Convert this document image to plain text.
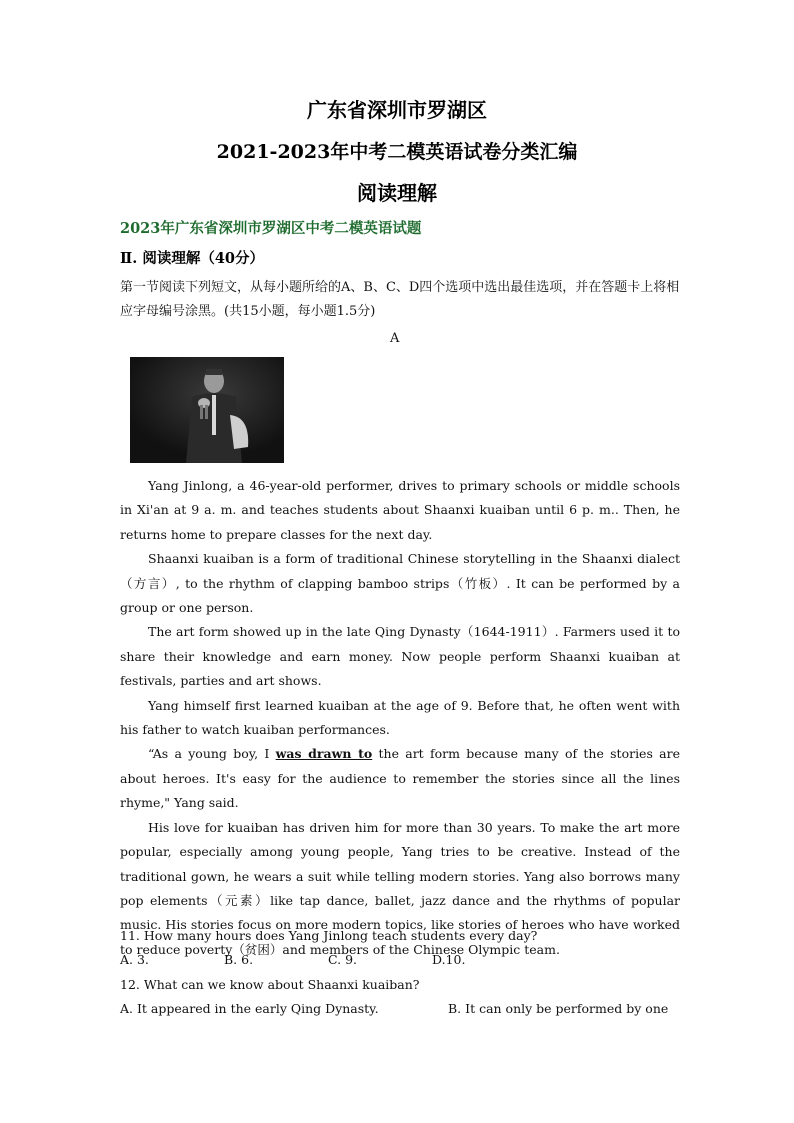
广东省深圳市罗湖区
2021-2023年中考二模英语试卷分类汇编
阅读理解
2023年广东省深圳市罗湖区中考二模英语试题
Ⅱ. 阅读理解（40分）
第一节阅读下列短文，从每小题所给的A、B、C、D四个选项中选出最佳选项，并在答题卡上将相应字母编号涂黑。(共15小题，每小题1.5分)
A

Yang Jinlong, a 46-year-old performer, drives to primary schools or middle schools in Xi'an at 9 a. m. and teaches students about Shaanxi kuaiban until 6 p. m.. Then, he returns home to prepare classes for the next day.

Shaanxi kuaiban is a form of traditional Chinese storytelling in the Shaanxi dialect（方言）, to the rhythm of clapping bamboo strips（竹板）. It can be performed by a group or one person.

The art form showed up in the late Qing Dynasty（1644-1911）. Farmers used it to share their knowledge and earn money. Now people perform Shaanxi kuaiban at festivals, parties and art shows.

Yang himself first learned kuaiban at the age of 9. Before that, he often went with his father to watch kuaiban performances.

“As a young boy, I was drawn to the art form because many of the stories are about heroes. It's easy for the audience to remember the stories since all the lines rhyme," Yang said.

His love for kuaiban has driven him for more than 30 years. To make the art more popular, especially among young people, Yang tries to be creative. Instead of the traditional gown, he wears a suit while telling modern stories. Yang also borrows many pop elements（元素）like tap dance, ballet, jazz dance and the rhythms of popular music. His stories focus on more modern topics, like stories of heroes who have worked to reduce poverty（贫困）and members of the Chinese Olympic team.

11. How many hours does Yang Jinlong teach students every day?

A. 3.	B. 6.	C. 9.	D.10.

12. What can we know about Shaanxi kuaiban?

A. It appeared in the early Qing Dynasty.	B. It can only be performed by one
